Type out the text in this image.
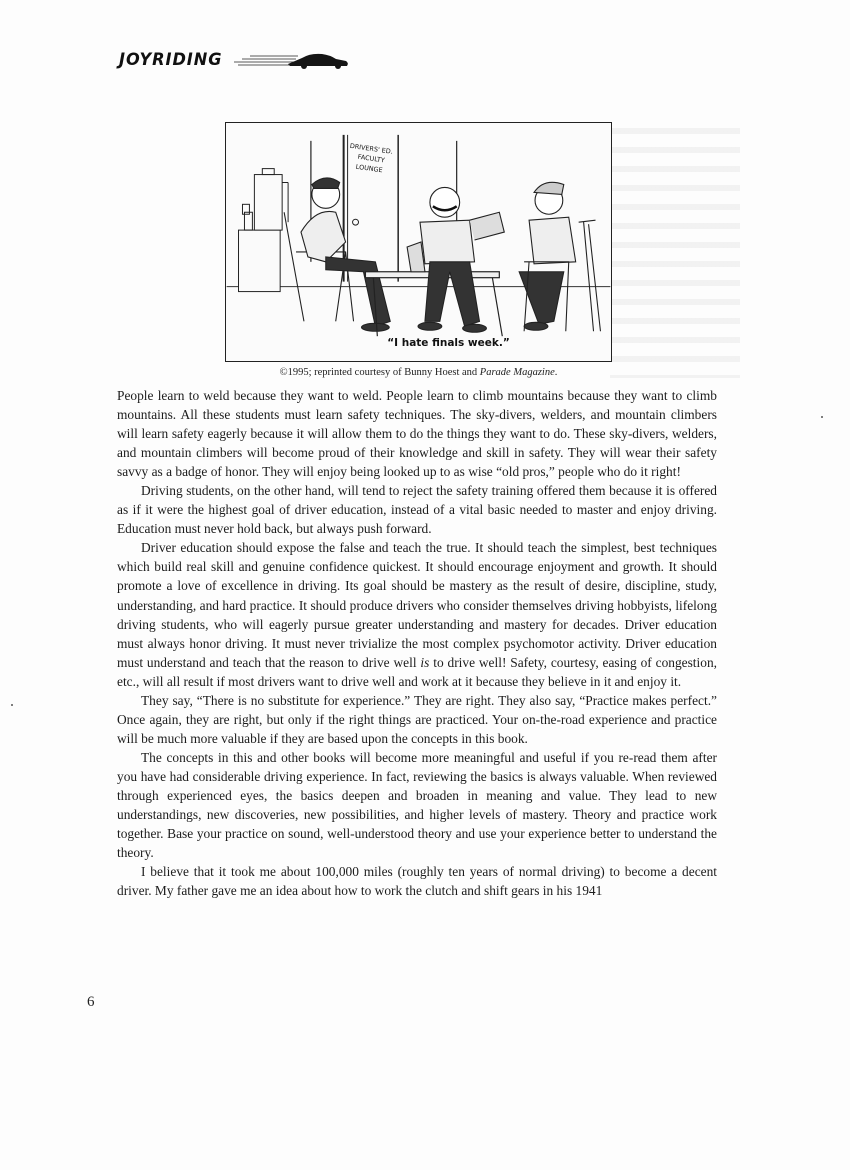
JOYRIDING
DRIVERS' ED.
FACULTY
LOUNGE
“I hate finals week.”
©1995; reprinted courtesy of Bunny Hoest and Parade Magazine.

People learn to weld because they want to weld. People learn to climb mountains because they want to climb mountains. All these students must learn safety techniques. The sky-divers, welders, and mountain climbers will learn safety eagerly because it will allow them to do the things they want to do. These sky-divers, welders, and mountain climbers will become proud of their knowledge and skill in safety. They will wear their safety savvy as a badge of honor. They will enjoy being looked up to as wise “old pros,” people who do it right!

Driving students, on the other hand, will tend to reject the safety training offered them because it is offered as if it were the highest goal of driver education, instead of a vital basic needed to master and enjoy driving. Education must never hold back, but always push forward.

Driver education should expose the false and teach the true. It should teach the simplest, best techniques which build real skill and genuine confidence quickest. It should encourage enjoyment and growth. It should promote a love of excellence in driving. Its goal should be mastery as the result of desire, discipline, study, understanding, and hard practice. It should produce drivers who consider themselves driving hobbyists, lifelong driving students, who will eagerly pursue greater understanding and mastery for decades. Driver education must always honor driving. It must never trivialize the most complex psychomotor activity. Driver education must understand and teach that the reason to drive well is to drive well! Safety, courtesy, easing of congestion, etc., will all result if most drivers want to drive well and work at it because they believe in it and enjoy it.

They say, “There is no substitute for experience.” They are right. They also say, “Practice makes perfect.” Once again, they are right, but only if the right things are practiced. Your on-the-road experience and practice will be much more valuable if they are based upon the concepts in this book.

The concepts in this and other books will become more meaningful and useful if you re-read them after you have had considerable driving experience. In fact, reviewing the basics is always valuable. When reviewed through experienced eyes, the basics deepen and broaden in meaning and value. They lead to new understandings, new discoveries, new possibilities, and higher levels of mastery. Theory and practice work together. Base your practice on sound, well-understood theory and use your experience better to understand the theory.

I believe that it took me about 100,000 miles (roughly ten years of normal driving) to become a decent driver. My father gave me an idea about how to work the clutch and shift gears in his 1941

6
